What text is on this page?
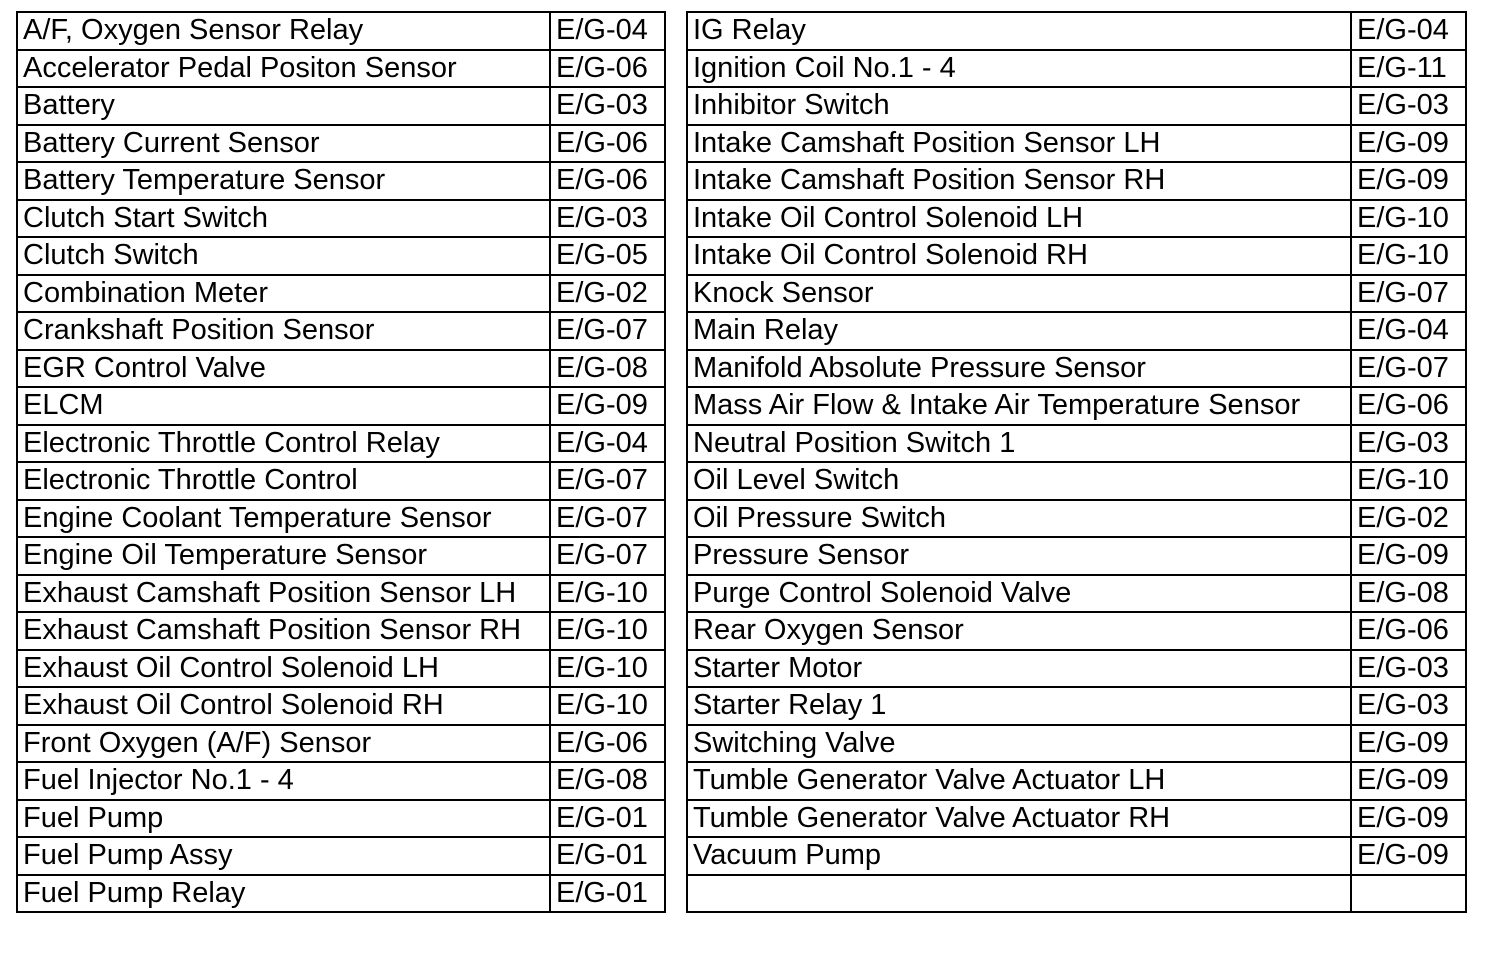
A/F, Oxygen Sensor Relay	E/G-04
Accelerator Pedal Positon Sensor	E/G-06
Battery	E/G-03
Battery Current Sensor	E/G-06
Battery Temperature Sensor	E/G-06
Clutch Start Switch	E/G-03
Clutch Switch	E/G-05
Combination Meter	E/G-02
Crankshaft Position Sensor	E/G-07
EGR Control Valve	E/G-08
ELCM	E/G-09
Electronic Throttle Control Relay	E/G-04
Electronic Throttle Control	E/G-07
Engine Coolant Temperature Sensor	E/G-07
Engine Oil Temperature Sensor	E/G-07
Exhaust Camshaft Position Sensor LH	E/G-10
Exhaust Camshaft Position Sensor RH	E/G-10
Exhaust Oil Control Solenoid LH	E/G-10
Exhaust Oil Control Solenoid RH	E/G-10
Front Oxygen (A/F) Sensor	E/G-06
Fuel Injector No.1 - 4	E/G-08
Fuel Pump	E/G-01
Fuel Pump Assy	E/G-01
Fuel Pump Relay	E/G-01
IG Relay	E/G-04
Ignition Coil No.1 - 4	E/G-11
Inhibitor Switch	E/G-03
Intake Camshaft Position Sensor LH	E/G-09
Intake Camshaft Position Sensor RH	E/G-09
Intake Oil Control Solenoid LH	E/G-10
Intake Oil Control Solenoid RH	E/G-10
Knock Sensor	E/G-07
Main Relay	E/G-04
Manifold Absolute Pressure Sensor	E/G-07
Mass Air Flow & Intake Air Temperature Sensor	E/G-06
Neutral Position Switch 1	E/G-03
Oil Level Switch	E/G-10
Oil Pressure Switch	E/G-02
Pressure Sensor	E/G-09
Purge Control Solenoid Valve	E/G-08
Rear Oxygen Sensor	E/G-06
Starter Motor	E/G-03
Starter Relay 1	E/G-03
Switching Valve	E/G-09
Tumble Generator Valve Actuator LH	E/G-09
Tumble Generator Valve Actuator RH	E/G-09
Vacuum Pump	E/G-09
